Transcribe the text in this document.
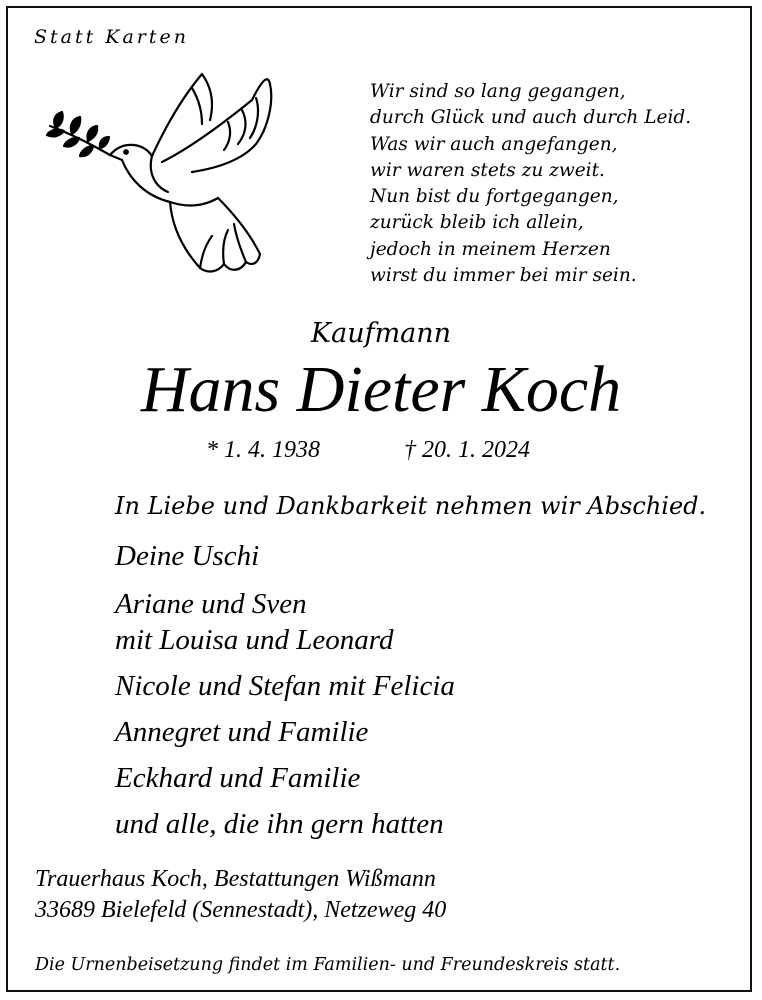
Statt Karten
Wir sind so lang gegangen,
durch Glück und auch durch Leid.
Was wir auch angefangen,
wir waren stets zu zweit.
Nun bist du fortgegangen,
zurück bleib ich allein,
jedoch in meinem Herzen
wirst du immer bei mir sein.
Kaufmann
Hans Dieter Koch
* 1. 4. 1938	† 20. 1. 2024
In Liebe und Dankbarkeit nehmen wir Abschied.
Deine Uschi
Ariane und Sven
mit Louisa und Leonard
Nicole und Stefan mit Felicia
Annegret und Familie
Eckhard und Familie
und alle, die ihn gern hatten
Trauerhaus Koch, Bestattungen Wißmann
33689 Bielefeld (Sennestadt), Netzeweg 40
Die Urnenbeisetzung findet im Familien- und Freundeskreis statt.
